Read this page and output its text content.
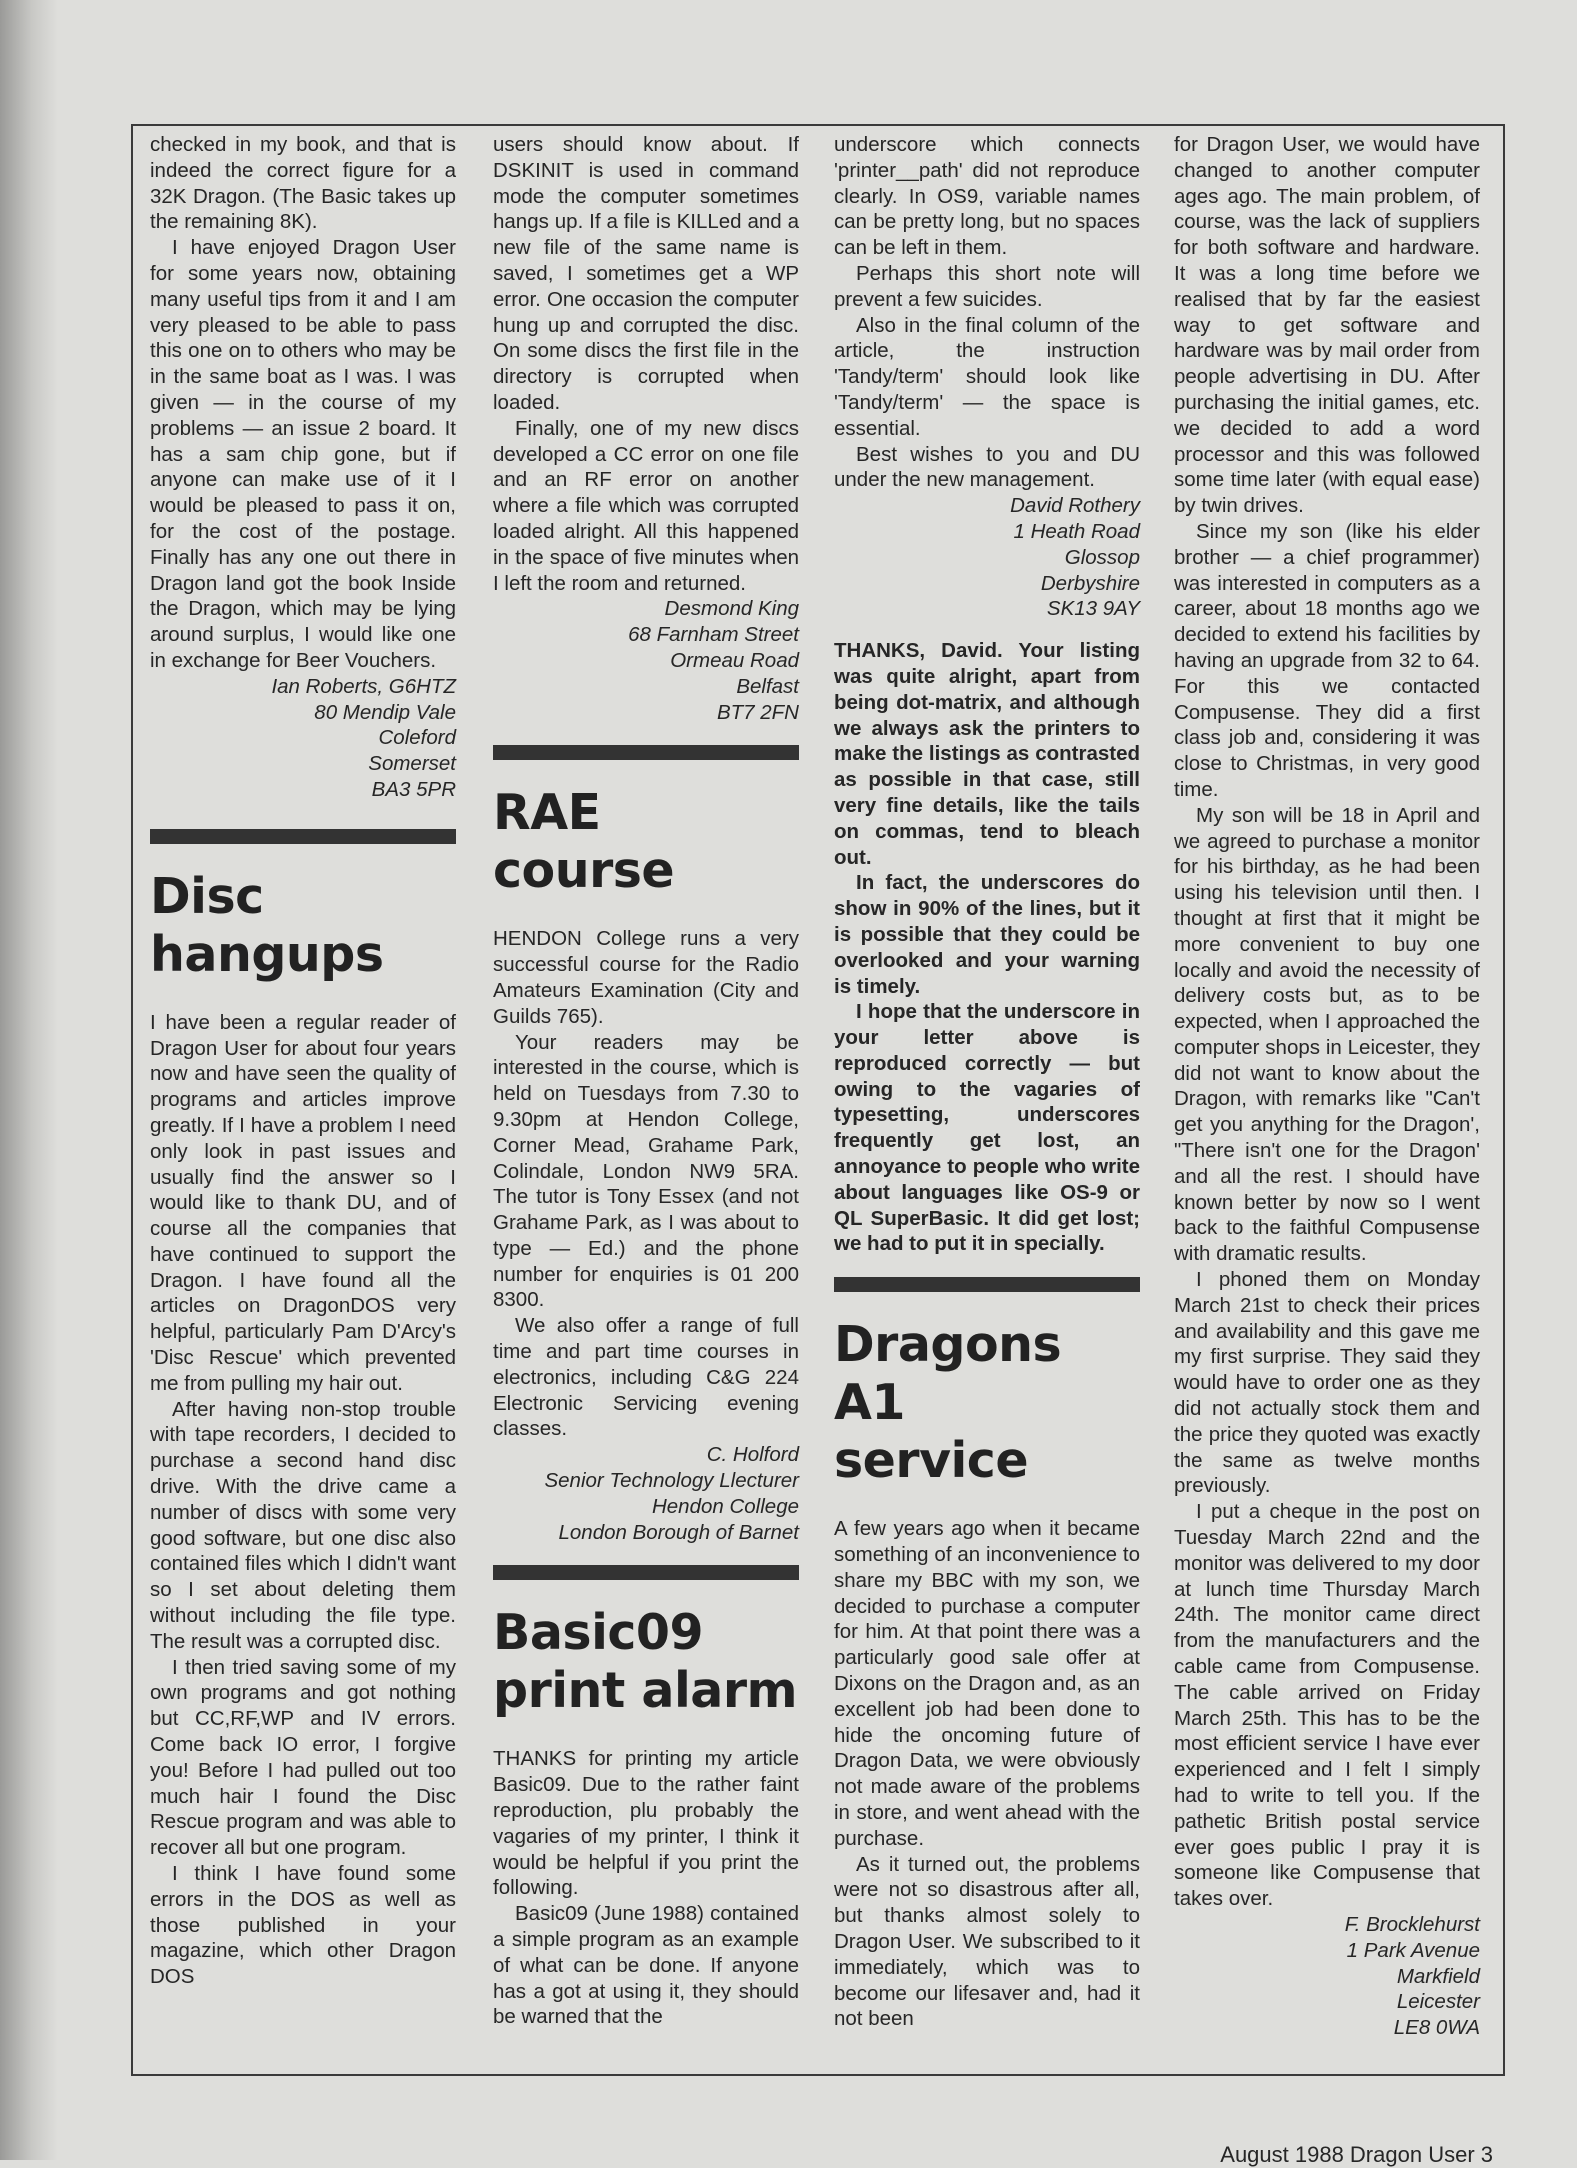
checked in my book, and that is indeed the correct figure for a 32K Dragon. (The Basic takes up the remaining 8K).

I have enjoyed Dragon User for some years now, obtaining many useful tips from it and I am very pleased to be able to pass this one on to others who may be in the same boat as I was. I was given — in the course of my problems — an issue 2 board. It has a sam chip gone, but if anyone can make use of it I would be pleased to pass it on, for the cost of the postage. Finally has any one out there in Dragon land got the book Inside the Dragon, which may be lying around surplus, I would like one in exchange for Beer Vouchers.

Ian Roberts, G6HTZ
80 Mendip Vale
Coleford
Somerset
BA3 5PR
Disc
hangups

I have been a regular reader of Dragon User for about four years now and have seen the quality of programs and articles improve greatly. If I have a problem I need only look in past issues and usually find the answer so I would like to thank DU, and of course all the companies that have continued to support the Dragon. I have found all the articles on DragonDOS very helpful, particularly Pam D'Arcy's 'Disc Rescue' which prevented me from pulling my hair out.

After having non-stop trouble with tape recorders, I decided to purchase a second hand disc drive. With the drive came a number of discs with some very good software, but one disc also contained files which I didn't want so I set about deleting them without including the file type. The result was a corrupted disc.

I then tried saving some of my own programs and got nothing but CC,RF,WP and IV errors. Come back IO error, I forgive you! Before I had pulled out too much hair I found the Disc Rescue program and was able to recover all but one program.

I think I have found some errors in the DOS as well as those published in your magazine, which other Dragon DOS

users should know about. If DSKINIT is used in command mode the computer sometimes hangs up. If a file is KILLed and a new file of the same name is saved, I sometimes get a WP error. One occasion the computer hung up and corrupted the disc. On some discs the first file in the directory is corrupted when loaded.

Finally, one of my new discs developed a CC error on one file and an RF error on another where a file which was corrupted loaded alright. All this happened in the space of five minutes when I left the room and returned.

Desmond King
68 Farnham Street
Ormeau Road
Belfast
BT7 2FN
RAE
course

HENDON College runs a very successful course for the Radio Amateurs Examination (City and Guilds 765).

Your readers may be interested in the course, which is held on Tuesdays from 7.30 to 9.30pm at Hendon College, Corner Mead, Grahame Park, Colindale, London NW9 5RA. The tutor is Tony Essex (and not Grahame Park, as I was about to type — Ed.) and the phone number for enquiries is 01 200 8300.

We also offer a range of full time and part time courses in electronics, including C&G 224 Electronic Servicing evening classes.

C. Holford
Senior Technology Llecturer
Hendon College
London Borough of Barnet
Basic09
print alarm

THANKS for printing my article Basic09. Due to the rather faint reproduction, plu probably the vagaries of my printer, I think it would be helpful if you print the following.

Basic09 (June 1988) contained a simple program as an example of what can be done. If anyone has a got at using it, they should be warned that the

underscore which connects 'printer__path' did not reproduce clearly. In OS9, variable names can be pretty long, but no spaces can be left in them.

Perhaps this short note will prevent a few suicides.

Also in the final column of the article, the instruction 'Tandy/term' should look like 'Tandy/term' — the space is essential.

Best wishes to you and DU under the new management.

David Rothery
1 Heath Road
Glossop
Derbyshire
SK13 9AY

THANKS, David. Your listing was quite alright, apart from being dot-matrix, and although we always ask the printers to make the listings as contrasted as possible in that case, still very fine details, like the tails on commas, tend to bleach out.

In fact, the underscores do show in 90% of the lines, but it is possible that they could be overlooked and your warning is timely.

I hope that the underscore in your letter above is reproduced correctly — but owing to the vagaries of typesetting, underscores frequently get lost, an annoyance to people who write about languages like OS-9 or QL SuperBasic. It did get lost; we had to put it in specially.

Dragons A1
service

A few years ago when it became something of an inconvenience to share my BBC with my son, we decided to purchase a computer for him. At that point there was a particularly good sale offer at Dixons on the Dragon and, as an excellent job had been done to hide the oncoming future of Dragon Data, we were obviously not made aware of the problems in store, and went ahead with the purchase.

As it turned out, the problems were not so disastrous after all, but thanks almost solely to Dragon User. We subscribed to it immediately, which was to become our lifesaver and, had it not been

for Dragon User, we would have changed to another computer ages ago. The main problem, of course, was the lack of suppliers for both software and hardware. It was a long time before we realised that by far the easiest way to get software and hardware was by mail order from people advertising in DU. After purchasing the initial games, etc. we decided to add a word processor and this was followed some time later (with equal ease) by twin drives.

Since my son (like his elder brother — a chief programmer) was interested in computers as a career, about 18 months ago we decided to extend his facilities by having an upgrade from 32 to 64. For this we contacted Compusense. They did a first class job and, considering it was close to Christmas, in very good time.

My son will be 18 in April and we agreed to purchase a monitor for his birthday, as he had been using his television until then. I thought at first that it might be more convenient to buy one locally and avoid the necessity of delivery costs but, as to be expected, when I approached the computer shops in Leicester, they did not want to know about the Dragon, with remarks like "Can't get you anything for the Dragon', "There isn't one for the Dragon' and all the rest. I should have known better by now so I went back to the faithful Compusense with dramatic results.

I phoned them on Monday March 21st to check their prices and availability and this gave me my first surprise. They said they would have to order one as they did not actually stock them and the price they quoted was exactly the same as twelve months previously.

I put a cheque in the post on Tuesday March 22nd and the monitor was delivered to my door at lunch time Thursday March 24th. The monitor came direct from the manufacturers and the cable came from Compusense. The cable arrived on Friday March 25th. This has to be the most efficient service I have ever experienced and I felt I simply had to write to tell you. If the pathetic British postal service ever goes public I pray it is someone like Compusense that takes over.

F. Brocklehurst
1 Park Avenue
Markfield
Leicester
LE8 0WA
August 1988 Dragon User 3
